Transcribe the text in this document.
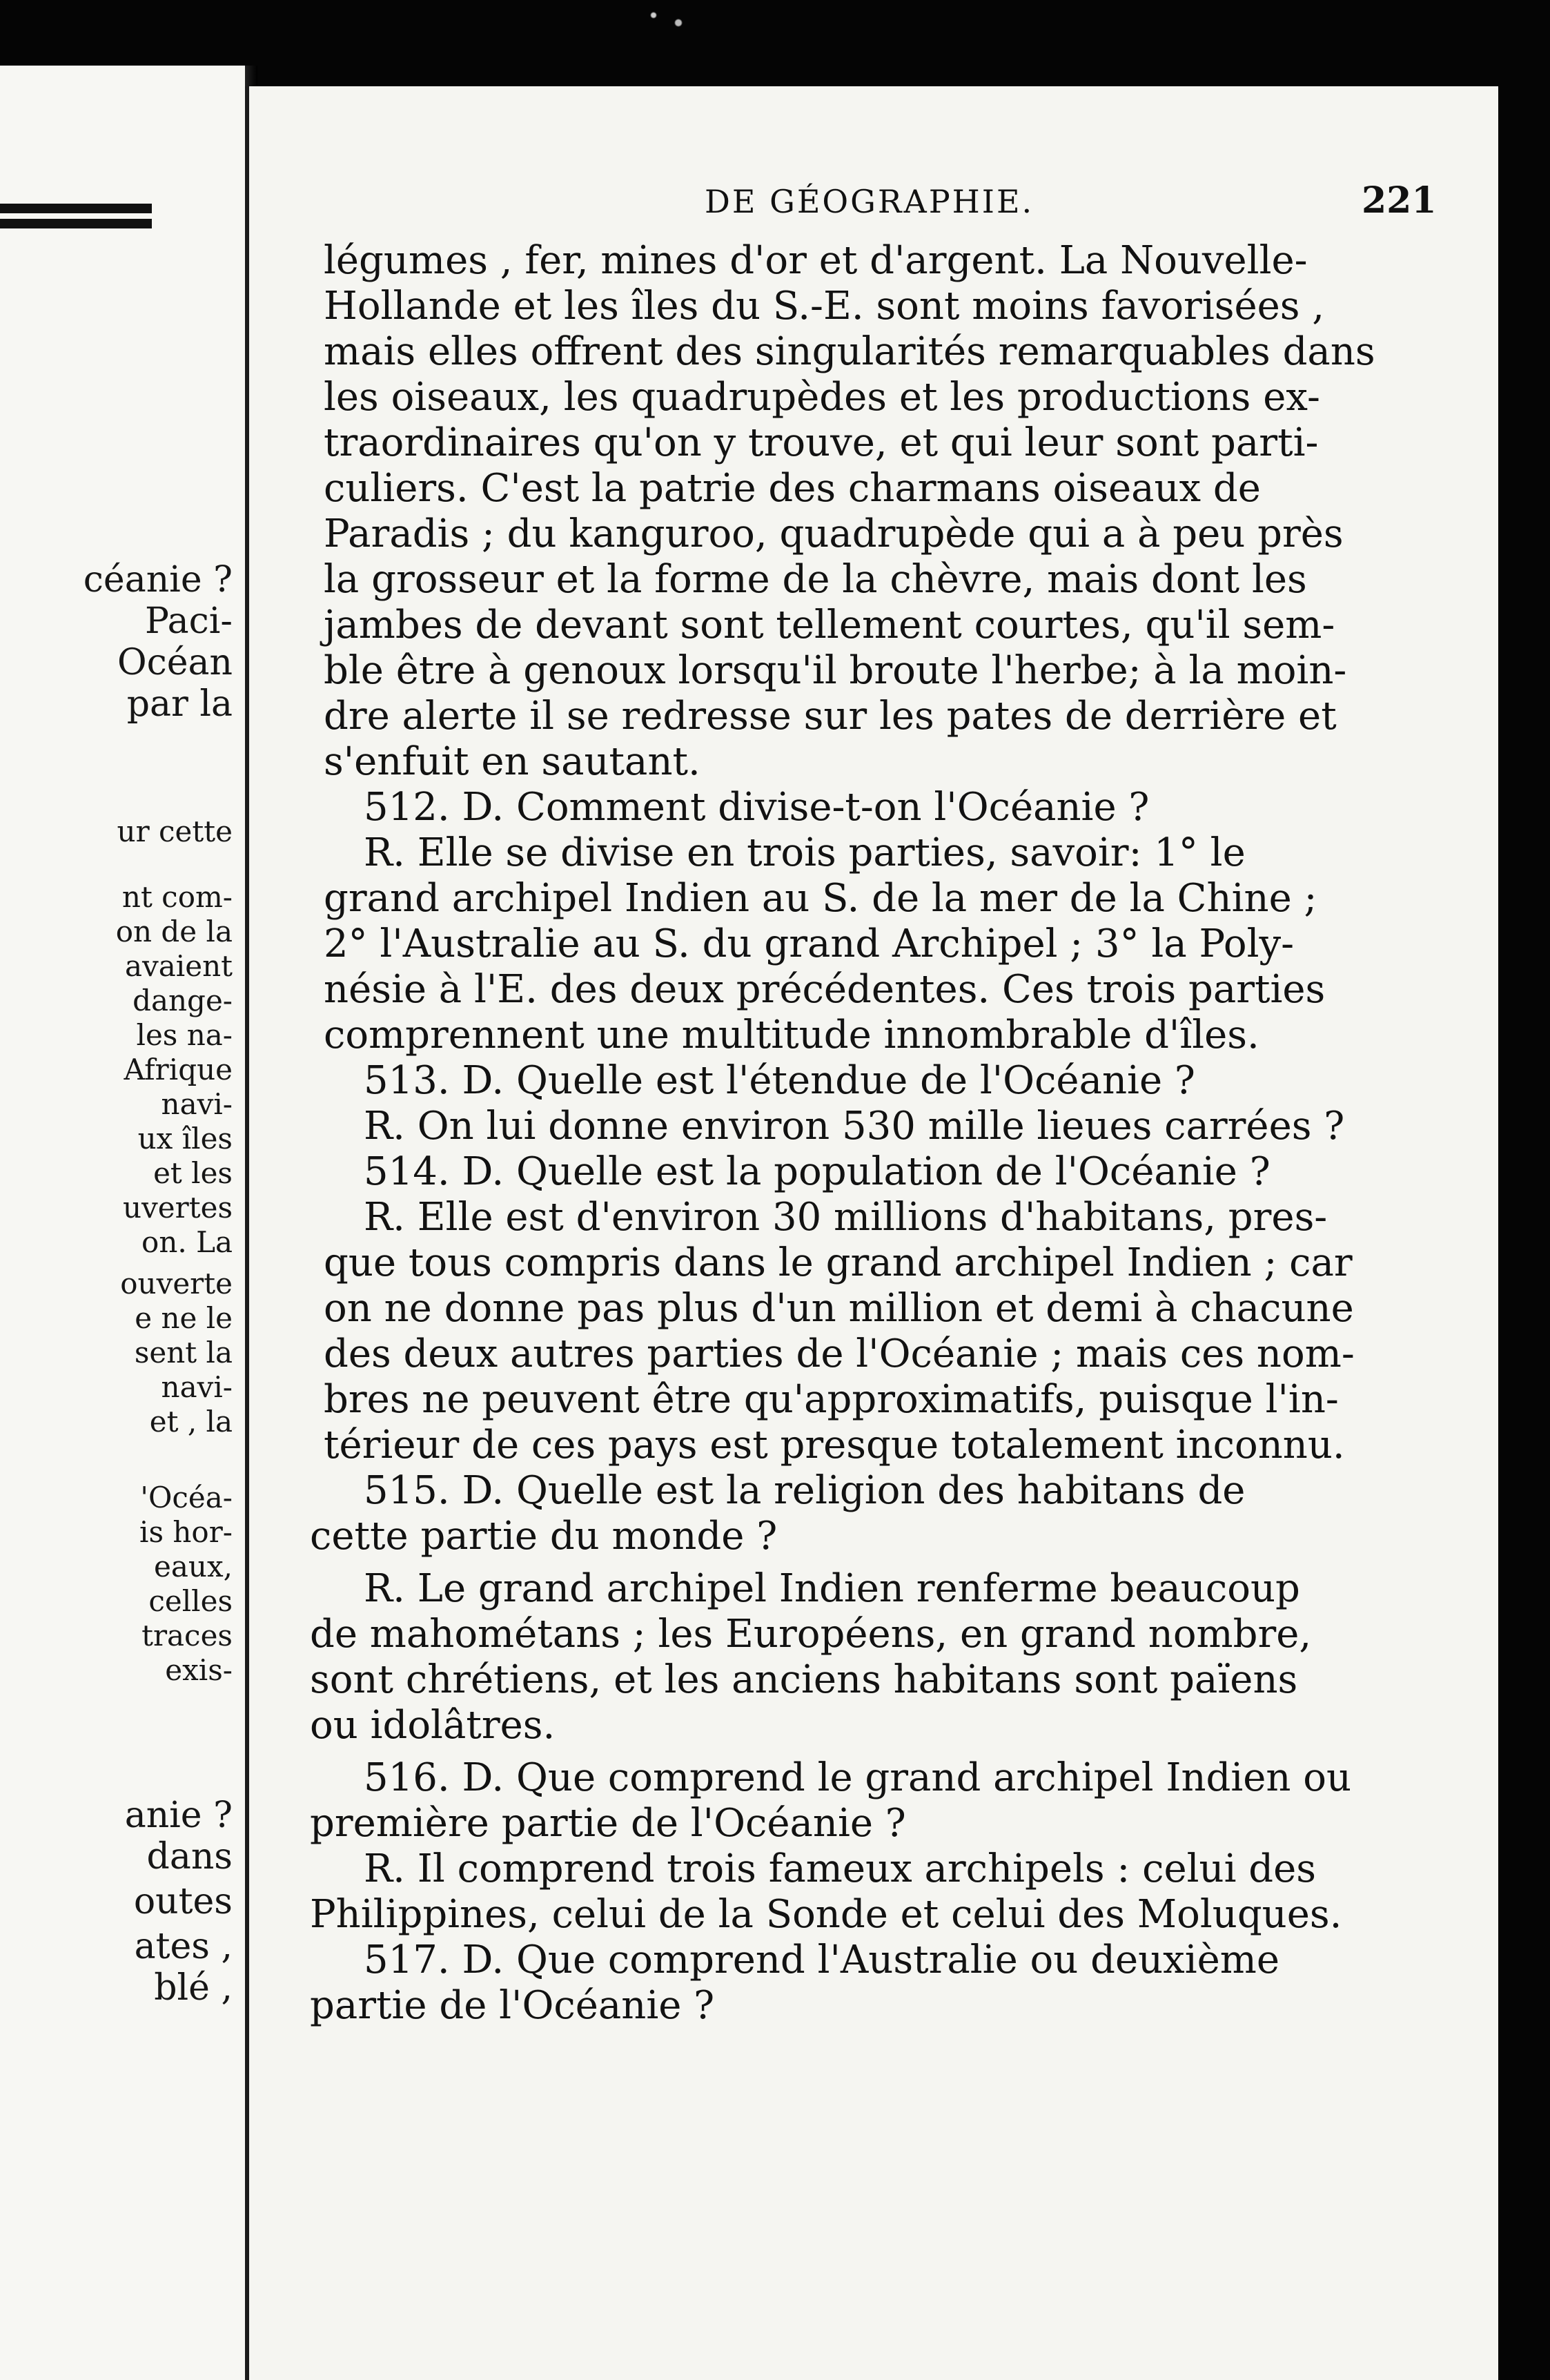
céanie ?
Paci-
Océan
par la
ur cette
nt com-
on de la
avaient
dange-
les na-
Afrique
navi-
ux îles
et les
uvertes
on. La
ouverte
e ne le
sent la
navi-
et , la
'Océa-
is hor-
eaux,
celles
traces
exis-
anie ?
dans
outes
ates ,
blé ,
DE GÉOGRAPHIE.	221
légumes , fer, mines d'or et d'argent. La Nouvelle-
Hollande et les îles du S.-E. sont moins favorisées ,
mais elles offrent des singularités remarquables dans
les oiseaux, les quadrupèdes et les productions ex-
traordinaires qu'on y trouve, et qui leur sont parti-
culiers. C'est la patrie des charmans oiseaux de
Paradis ; du kanguroo, quadrupède qui a à peu près
la grosseur et la forme de la chèvre, mais dont les
jambes de devant sont tellement courtes, qu'il sem-
ble être à genoux lorsqu'il broute l'herbe; à la moin-
dre alerte il se redresse sur les pates de derrière et
s'enfuit en sautant.
512. D. Comment divise-t-on l'Océanie ?
R. Elle se divise en trois parties, savoir: 1° le
grand archipel Indien au S. de la mer de la Chine ;
2° l'Australie au S. du grand Archipel ; 3° la Poly-
nésie à l'E. des deux précédentes. Ces trois parties
comprennent une multitude innombrable d'îles.
513. D. Quelle est l'étendue de l'Océanie ?
R. On lui donne environ 530 mille lieues carrées ?
514. D. Quelle est la population de l'Océanie ?
R. Elle est d'environ 30 millions d'habitans, pres-
que tous compris dans le grand archipel Indien ; car
on ne donne pas plus d'un million et demi à chacune
des deux autres parties de l'Océanie ; mais ces nom-
bres ne peuvent être qu'approximatifs, puisque l'in-
térieur de ces pays est presque totalement inconnu.
515. D. Quelle est la religion des habitans de
cette partie du monde ?
R. Le grand archipel Indien renferme beaucoup
de mahométans ; les Européens, en grand nombre,
sont chrétiens, et les anciens habitans sont païens
ou idolâtres.
516. D. Que comprend le grand archipel Indien ou
première partie de l'Océanie ?
R. Il comprend trois fameux archipels : celui des
Philippines, celui de la Sonde et celui des Moluques.
517. D. Que comprend l'Australie ou deuxième
partie de l'Océanie ?
